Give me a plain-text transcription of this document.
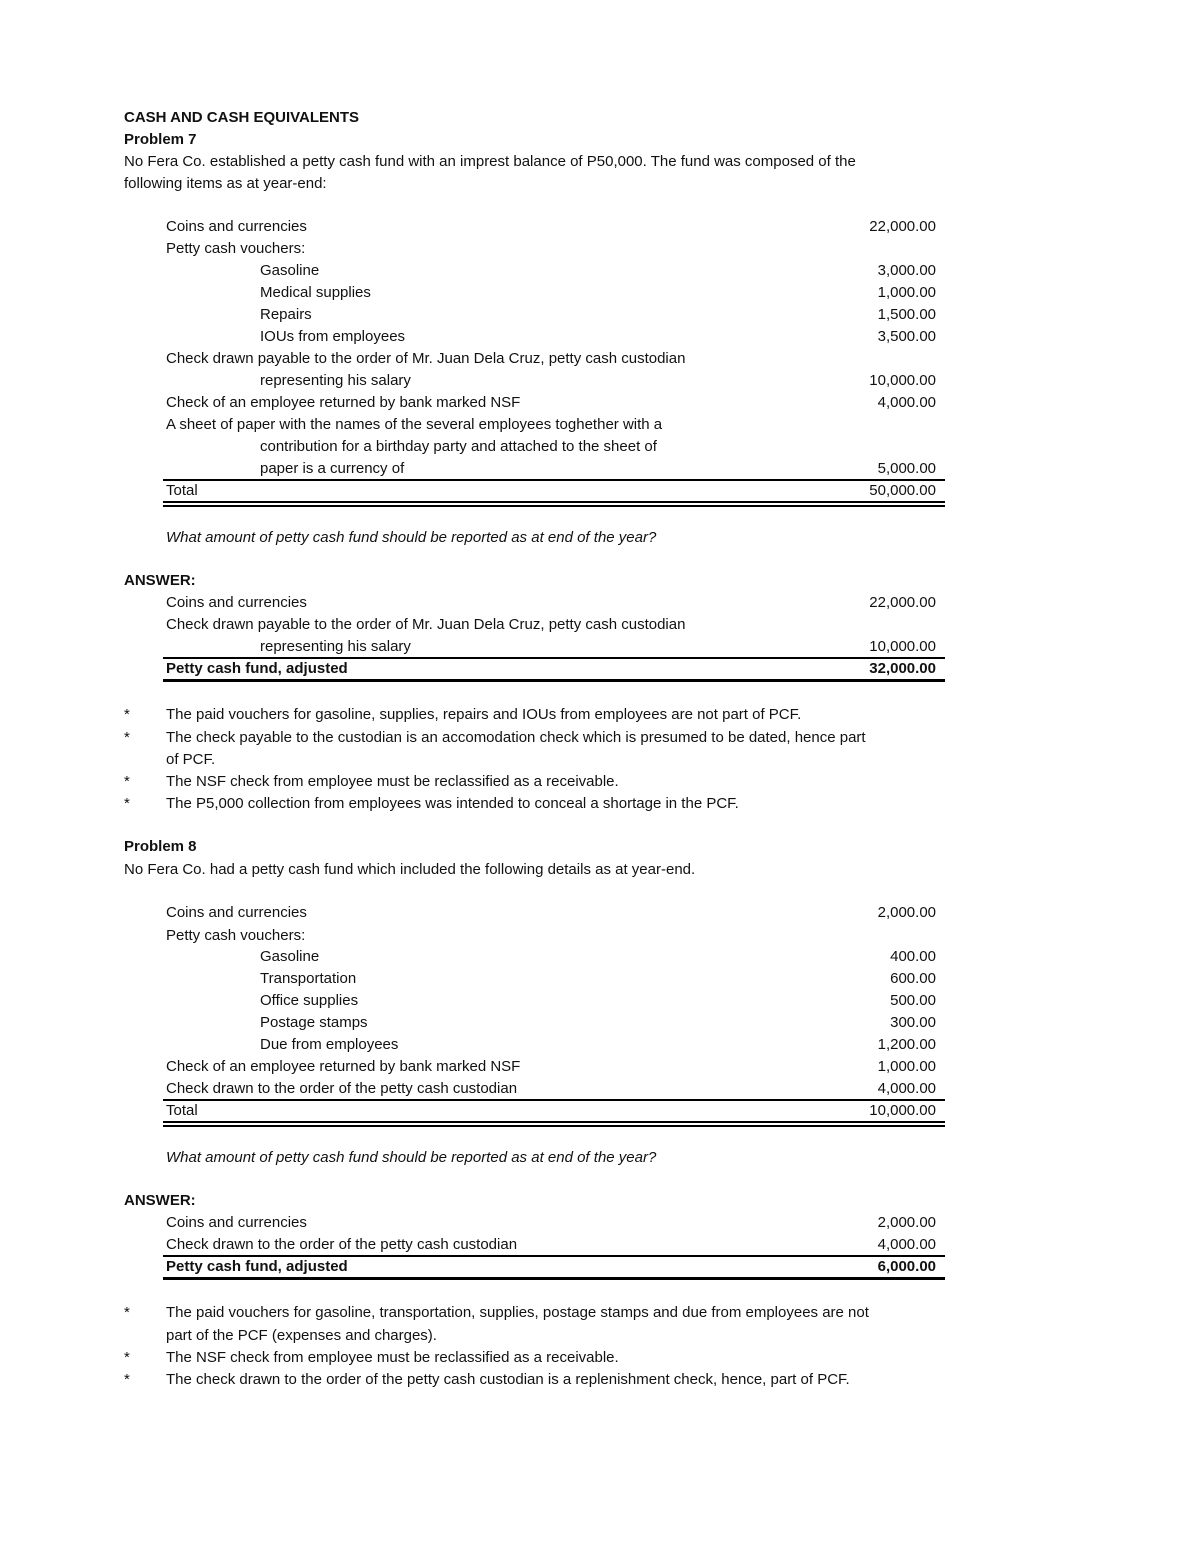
CASH AND CASH EQUIVALENTS
Problem 7
No Fera Co. established a petty cash fund with an imprest balance of P50,000. The fund was composed of the
following items as at year-end:
Coins and currencies	22,000.00
Petty cash vouchers:
Gasoline	3,000.00
Medical supplies	1,000.00
Repairs	1,500.00
IOUs from employees	3,500.00
Check drawn payable to the order of Mr. Juan Dela Cruz, petty cash custodian
representing his salary	10,000.00
Check of an employee returned by bank marked NSF	4,000.00
A sheet of paper with the names of the several employees toghether with a
contribution for a birthday party and attached to the sheet of
paper is a currency of	5,000.00
Total	50,000.00
What amount of petty cash fund should be reported as at end of the year?
ANSWER:
Coins and currencies	22,000.00
Check drawn payable to the order of Mr. Juan Dela Cruz, petty cash custodian
representing his salary	10,000.00
Petty cash fund, adjusted	32,000.00
* The paid vouchers for gasoline, supplies, repairs and IOUs from employees are not part of PCF.
* The check payable to the custodian is an accomodation check which is presumed to be dated, hence part
of PCF.
* The NSF check from employee must be reclassified as a receivable.
* The P5,000 collection from employees was intended to conceal a shortage in the PCF.
Problem 8
No Fera Co. had a petty cash fund which included the following details as at year-end.
Coins and currencies	2,000.00
Petty cash vouchers:
Gasoline	400.00
Transportation	600.00
Office supplies	500.00
Postage stamps	300.00
Due from employees	1,200.00
Check of an employee returned by bank marked NSF	1,000.00
Check drawn to the order of the petty cash custodian	4,000.00
Total	10,000.00
What amount of petty cash fund should be reported as at end of the year?
ANSWER:
Coins and currencies	2,000.00
Check drawn to the order of the petty cash custodian	4,000.00
Petty cash fund, adjusted	6,000.00
* The paid vouchers for gasoline, transportation, supplies, postage stamps and due from employees are not
part of the PCF (expenses and charges).
* The NSF check from employee must be reclassified as a receivable.
* The check drawn to the order of the petty cash custodian is a replenishment check, hence, part of PCF.
